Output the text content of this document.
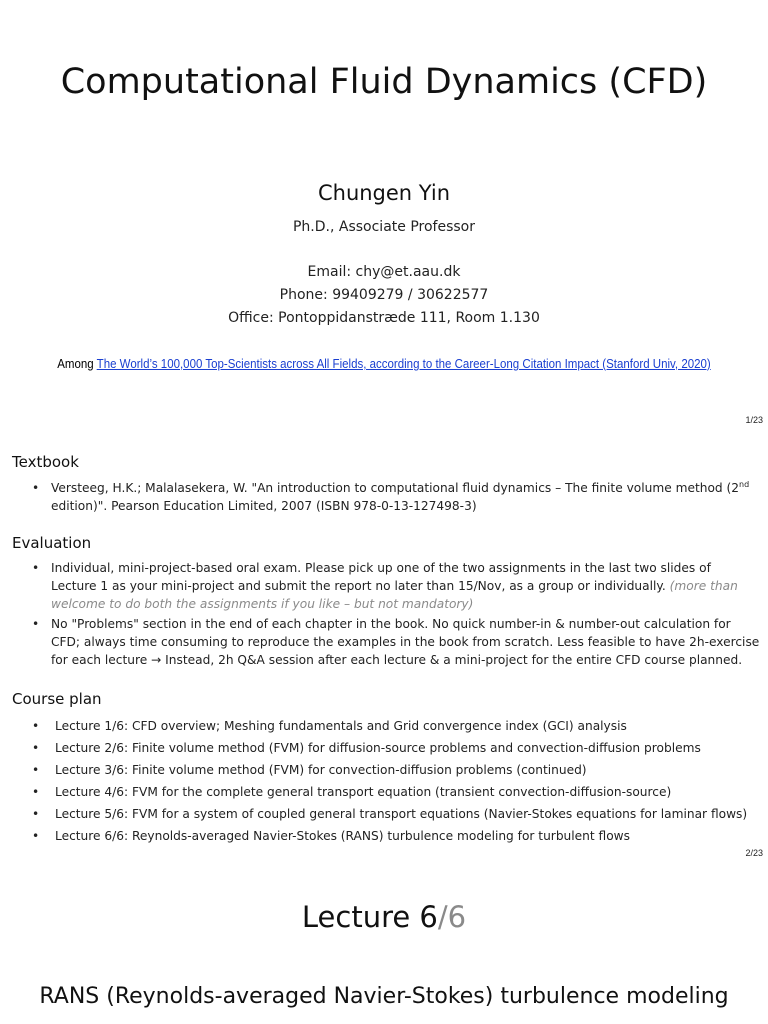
Computational Fluid Dynamics (CFD)
Chungen Yin
Ph.D., Associate Professor
Email: chy@et.aau.dk
Phone: 99409279 / 30622577
Office: Pontoppidanstræde 111, Room 1.130
Among The World’s 100,000 Top-Scientists across All Fields, according to the Career-Long Citation Impact (Stanford Univ, 2020)
1/23
Textbook
• Versteeg, H.K.; Malalasekera, W. "An introduction to computational fluid dynamics – The finite volume method (2nd edition)". Pearson Education Limited, 2007 (ISBN 978-0-13-127498-3)
Evaluation
• Individual, mini-project-based oral exam. Please pick up one of the two assignments in the last two slides of Lecture 1 as your mini-project and submit the report no later than 15/Nov, as a group or individually. (more than welcome to do both the assignments if you like – but not mandatory)
• No "Problems" section in the end of each chapter in the book. No quick number-in & number-out calculation for CFD; always time consuming to reproduce the examples in the book from scratch. Less feasible to have 2h-exercise for each lecture → Instead, 2h Q&A session after each lecture & a mini-project for the entire CFD course planned.
Course plan
• Lecture 1/6: CFD overview; Meshing fundamentals and Grid convergence index (GCI) analysis
• Lecture 2/6: Finite volume method (FVM) for diffusion-source problems and convection-diffusion problems
• Lecture 3/6: Finite volume method (FVM) for convection-diffusion problems (continued)
• Lecture 4/6: FVM for the complete general transport equation (transient convection-diffusion-source)
• Lecture 5/6: FVM for a system of coupled general transport equations (Navier-Stokes equations for laminar flows)
• Lecture 6/6: Reynolds-averaged Navier-Stokes (RANS) turbulence modeling for turbulent flows
2/23
Lecture 6/6
RANS (Reynolds-averaged Navier-Stokes) turbulence modeling
